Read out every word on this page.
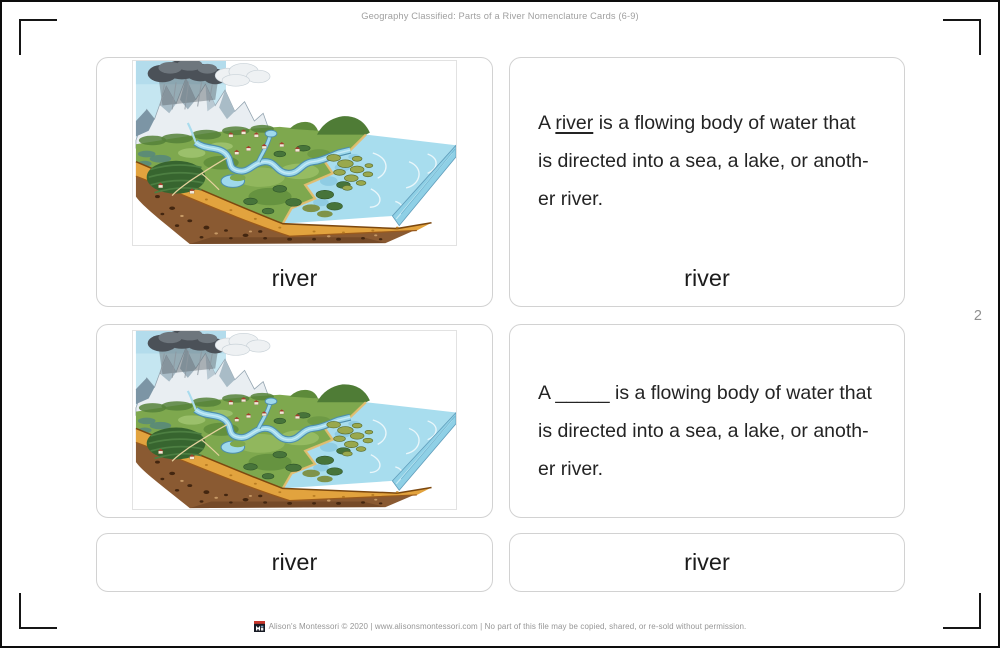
Geography Classified: Parts of a River Nomenclature Cards (6-9)
river
A river is a flowing body of water that
is directed into a sea, a lake, or anoth-
er river.
river
A _____ is a flowing body of water that
is directed into a sea, a lake, or anoth-
er river.
river	river
2
Alison's Montessori © 2020 | www.alisonsmontessori.com | No part of this file may be copied, shared, or re-sold without permission.
